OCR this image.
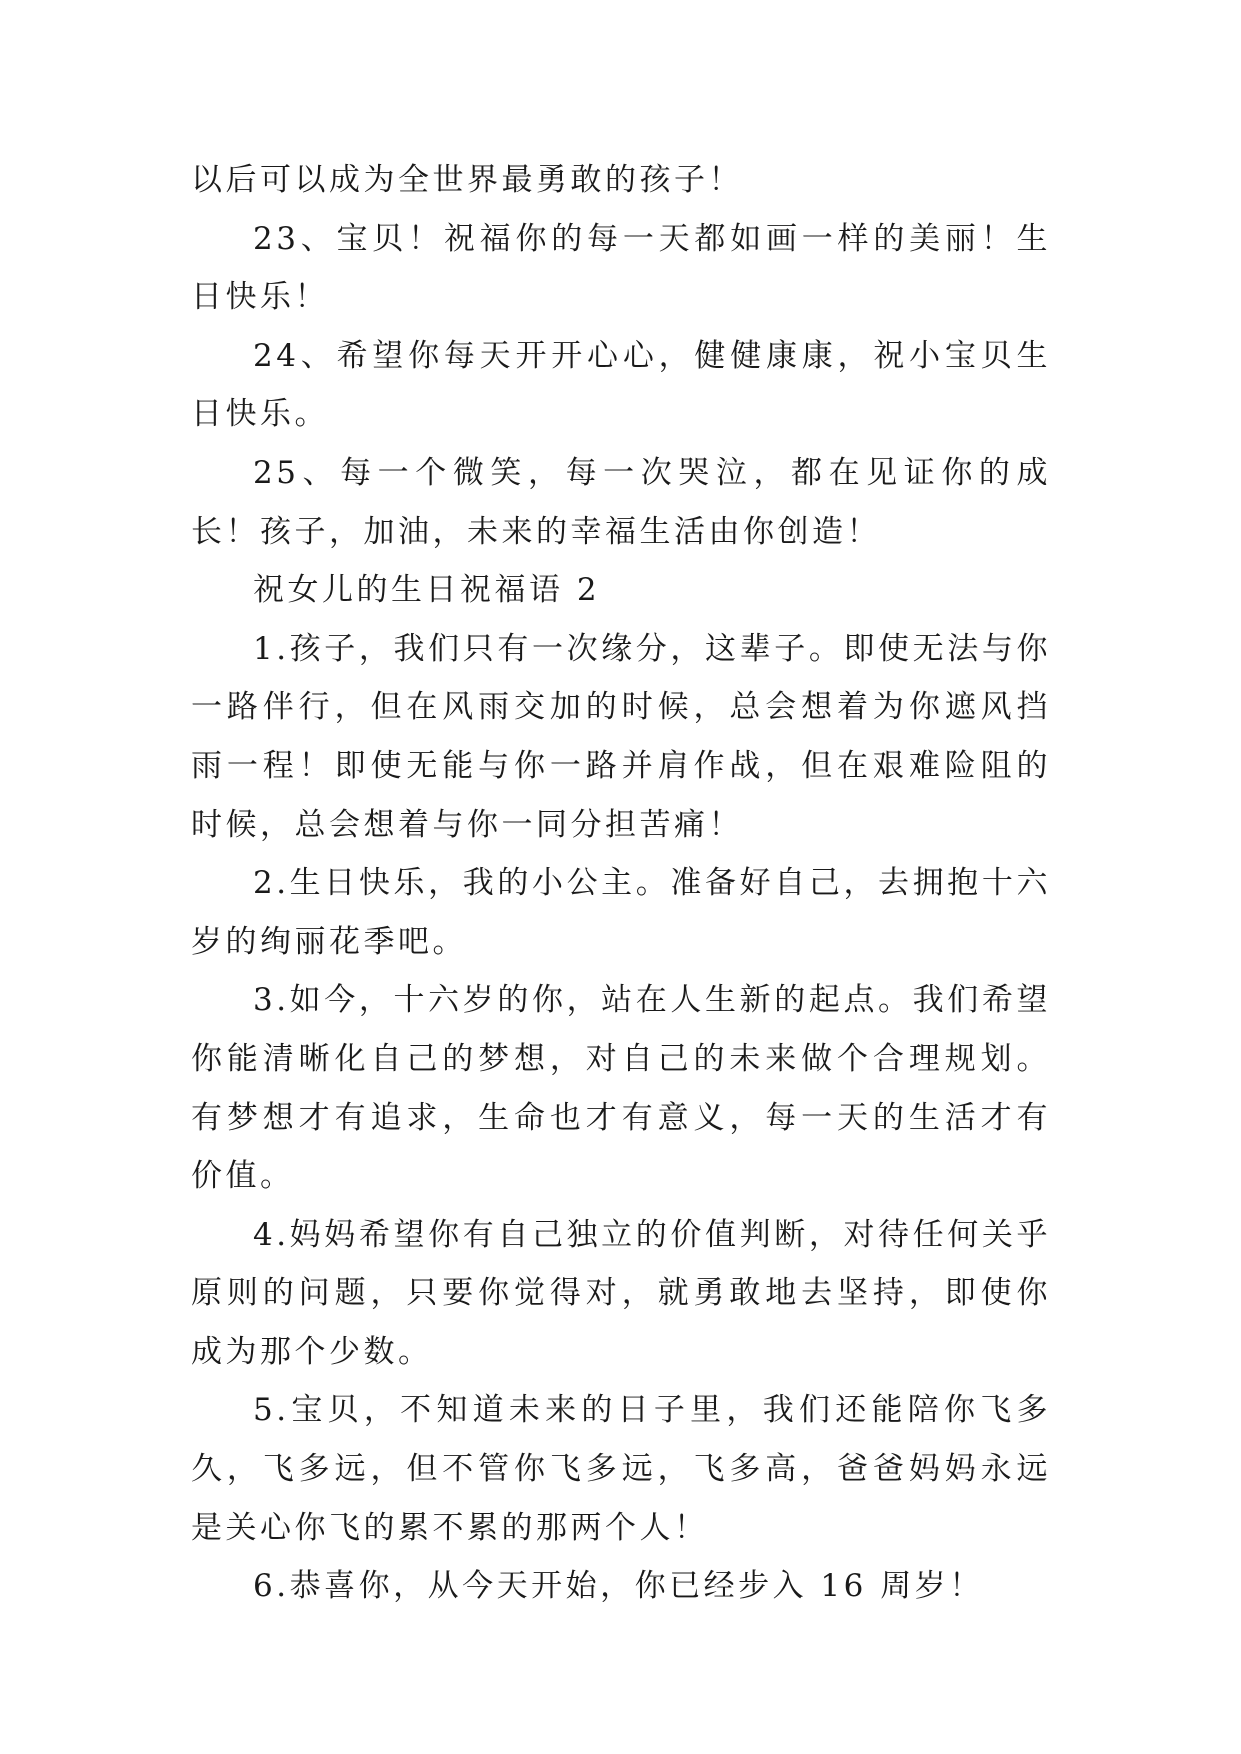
以后可以成为全世界最勇敢的孩子！

23、宝贝！祝福你的每一天都如画一样的美丽！生日快乐！

24、希望你每天开开心心，健健康康，祝小宝贝生日快乐。

25、每一个微笑，每一次哭泣，都在见证你的成长！孩子，加油，未来的幸福生活由你创造！

祝女儿的生日祝福语 2

1.孩子，我们只有一次缘分，这辈子。即使无法与你一路伴行，但在风雨交加的时候，总会想着为你遮风挡雨一程！即使无能与你一路并肩作战，但在艰难险阻的时候，总会想着与你一同分担苦痛！

2.生日快乐，我的小公主。准备好自己，去拥抱十六岁的绚丽花季吧。

3.如今，十六岁的你，站在人生新的起点。我们希望你能清晰化自己的梦想，对自己的未来做个合理规划。有梦想才有追求，生命也才有意义，每一天的生活才有价值。

4.妈妈希望你有自己独立的价值判断，对待任何关乎原则的问题，只要你觉得对，就勇敢地去坚持，即使你成为那个少数。

5.宝贝，不知道未来的日子里，我们还能陪你飞多久，飞多远，但不管你飞多远，飞多高，爸爸妈妈永远是关心你飞的累不累的那两个人！

6.恭喜你，从今天开始，你已经步入 16 周岁！
